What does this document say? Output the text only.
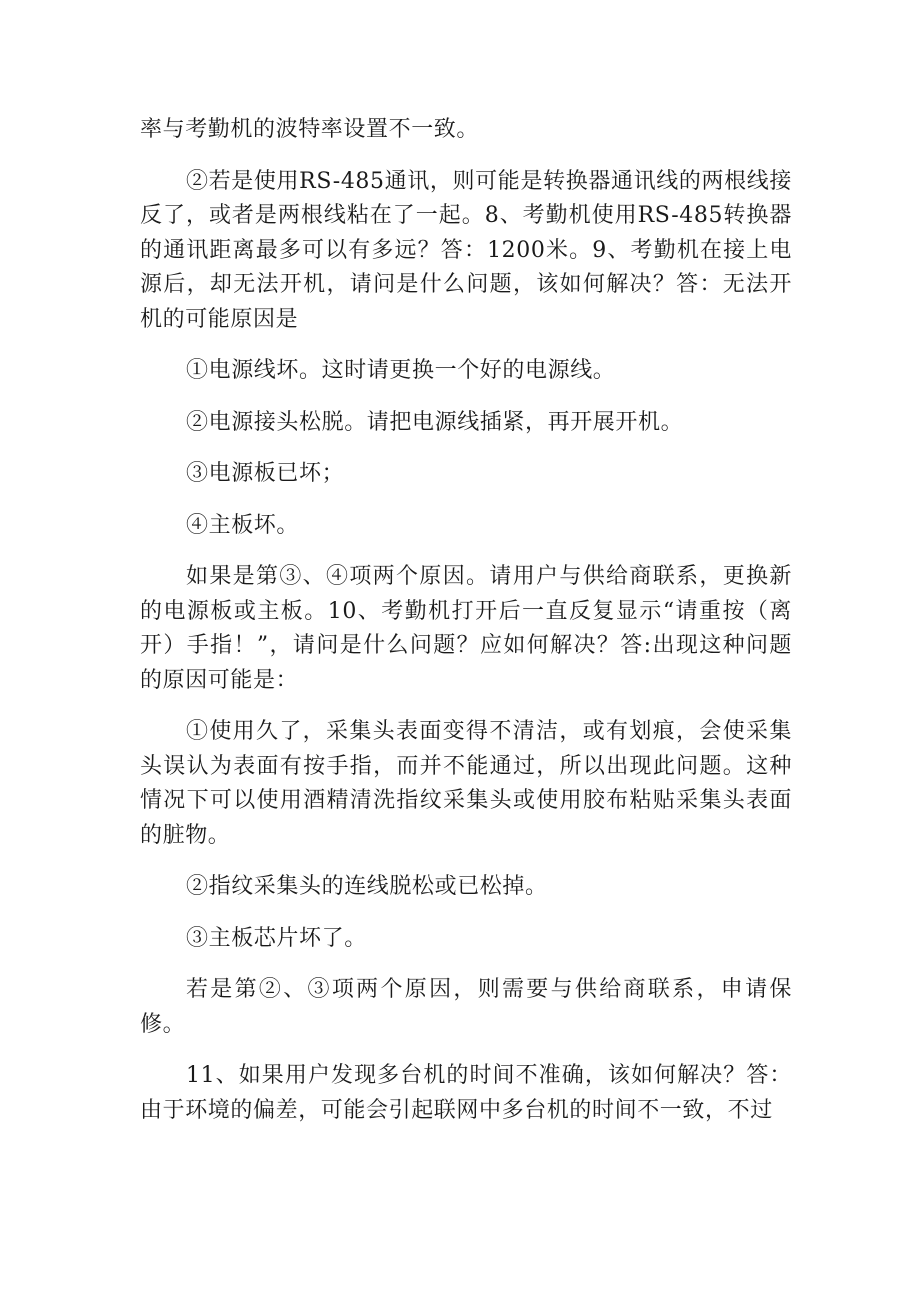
率与考勤机的波特率设置不一致。

②若是使用RS-485通讯，则可能是转换器通讯线的两根线接反了，或者是两根线粘在了一起。8、考勤机使用RS-485转换器的通讯距离最多可以有多远？答：1200米。9、考勤机在接上电源后，却无法开机，请问是什么问题，该如何解决？答：无法开机的可能原因是

①电源线坏。这时请更换一个好的电源线。

②电源接头松脱。请把电源线插紧，再开展开机。

③电源板已坏；

④主板坏。

如果是第③、④项两个原因。请用户与供给商联系，更换新的电源板或主板。10、考勤机打开后一直反复显示“请重按（离开）手指！”，请问是什么问题？应如何解决？答:出现这种问题的原因可能是：

①使用久了，采集头表面变得不清洁，或有划痕，会使采集头误认为表面有按手指，而并不能通过，所以出现此问题。这种情况下可以使用酒精清洗指纹采集头或使用胶布粘贴采集头表面的脏物。

②指纹采集头的连线脱松或已松掉。

③主板芯片坏了。

若是第②、③项两个原因，则需要与供给商联系，申请保修。

11、如果用户发现多台机的时间不准确，该如何解决？答：由于环境的偏差，可能会引起联网中多台机的时间不一致，不过
